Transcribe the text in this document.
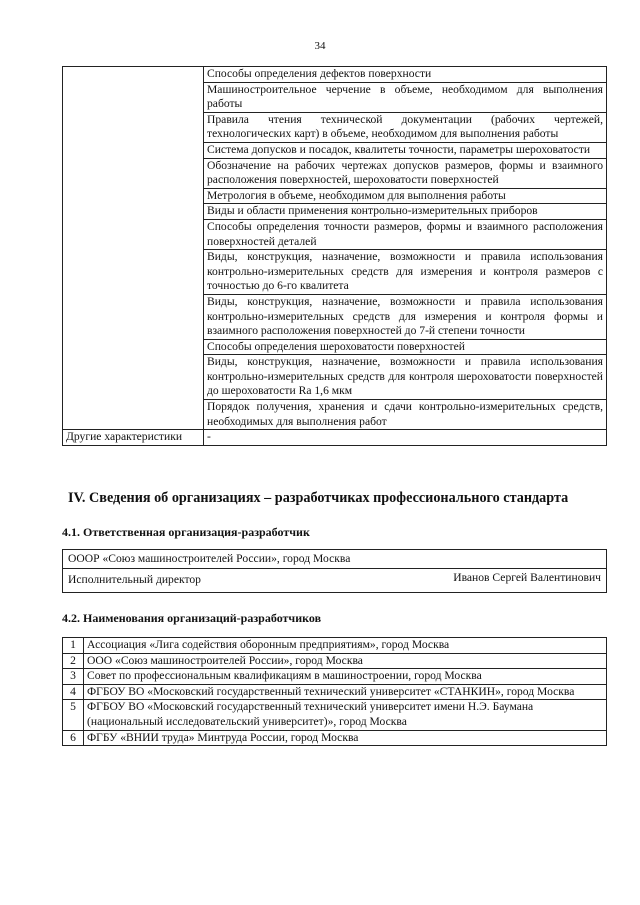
34
	Способы определения дефектов поверхности
	Машиностроительное черчение в объеме, необходимом для выполнения работы
	Правила чтения технической документации (рабочих чертежей, технологических карт) в объеме, необходимом для выполнения работы
	Система допусков и посадок, квалитеты точности, параметры шероховатости
	Обозначение на рабочих чертежах допусков размеров, формы и взаимного расположения поверхностей, шероховатости поверхностей
	Метрология в объеме, необходимом для выполнения работы
	Виды и области применения контрольно-измерительных приборов
	Способы определения точности размеров, формы и взаимного расположения поверхностей деталей
	Виды, конструкция, назначение, возможности и правила использования контрольно-измерительных средств для измерения и контроля размеров с точностью до 6-го квалитета
	Виды, конструкция, назначение, возможности и правила использования контрольно-измерительных средств для измерения и контроля формы и взаимного расположения поверхностей до 7-й степени точности
	Способы определения шероховатости поверхностей
	Виды, конструкция, назначение, возможности и правила использования контрольно-измерительных средств для контроля шероховатости поверхностей до шероховатости Ra 1,6 мкм
	Порядок получения, хранения и сдачи контрольно-измерительных средств, необходимых для выполнения работ
Другие характеристики	-
IV. Сведения об организациях – разработчиках профессионального стандарта
4.1. Ответственная организация-разработчик
ОООР «Союз машиностроителей России», город Москва
Исполнительный директор	Иванов Сергей Валентинович
4.2. Наименования организаций-разработчиков
1	Ассоциация «Лига содействия оборонным предприятиям», город Москва
2	ООО «Союз машиностроителей России», город Москва
3	Совет по профессиональным квалификациям в машиностроении, город Москва
4	ФГБОУ ВО «Московский государственный технический университет «СТАНКИН», город Москва
5	ФГБОУ ВО «Московский государственный технический университет имени Н.Э. Баумана (национальный исследовательский университет)», город Москва
6	ФГБУ «ВНИИ труда» Минтруда России, город Москва
